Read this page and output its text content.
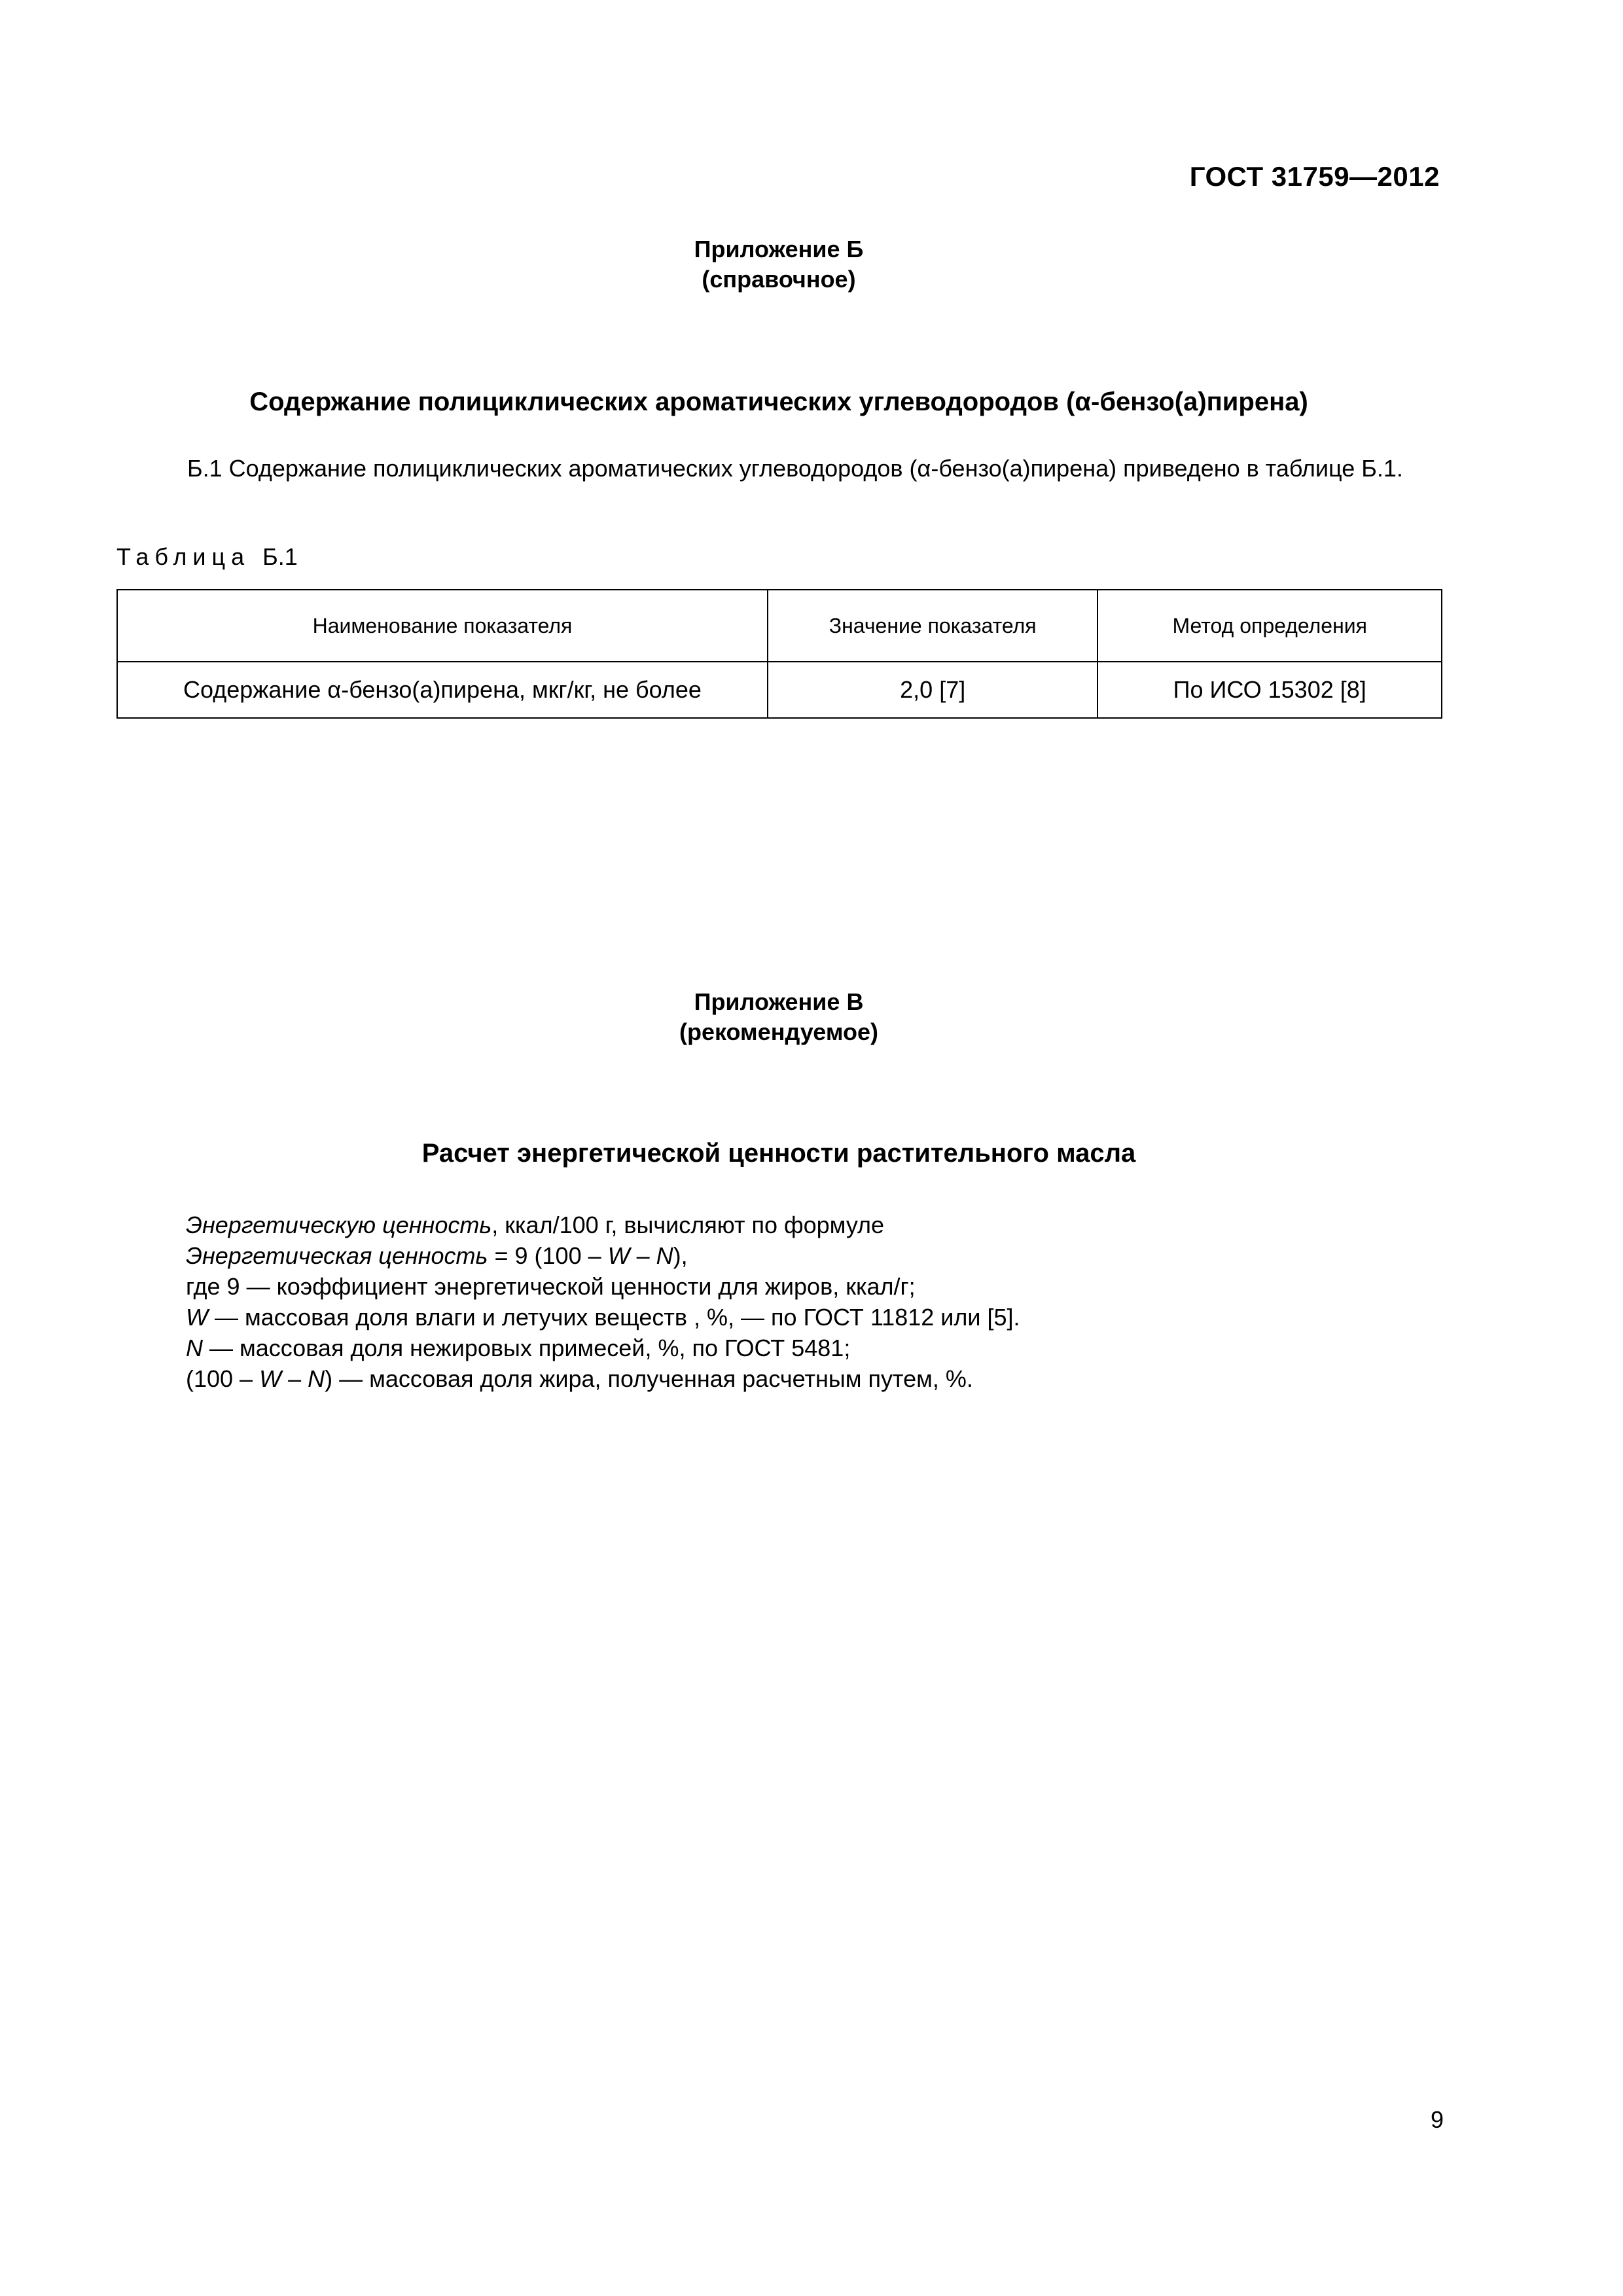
ГОСТ 31759—2012
Приложение Б
(справочное)
Содержание полициклических ароматических углеводородов (α-бензо(а)пирена)
Б.1 Содержание полициклических ароматических углеводородов (α-бензо(а)пирена) приведено в таблице Б.1.
Таблица Б.1
Наименование показателя	Значение показателя	Метод определения
Содержание α-бензо(а)пирена, мкг/кг, не более	2,0 [7]	По ИСО 15302 [8]
Приложение В
(рекомендуемое)
Расчет энергетической ценности растительного масла
Энергетическую ценность, ккал/100 г, вычисляют по формуле
Энергетическая ценность = 9 (100 – W – N),
где 9 — коэффициент энергетической ценности для жиров, ккал/г;
W — массовая доля влаги и летучих веществ , %, — по ГОСТ 11812 или [5].
N — массовая доля нежировых примесей, %, по ГОСТ 5481;
(100 – W – N) — массовая доля жира, полученная расчетным путем, %.
9
